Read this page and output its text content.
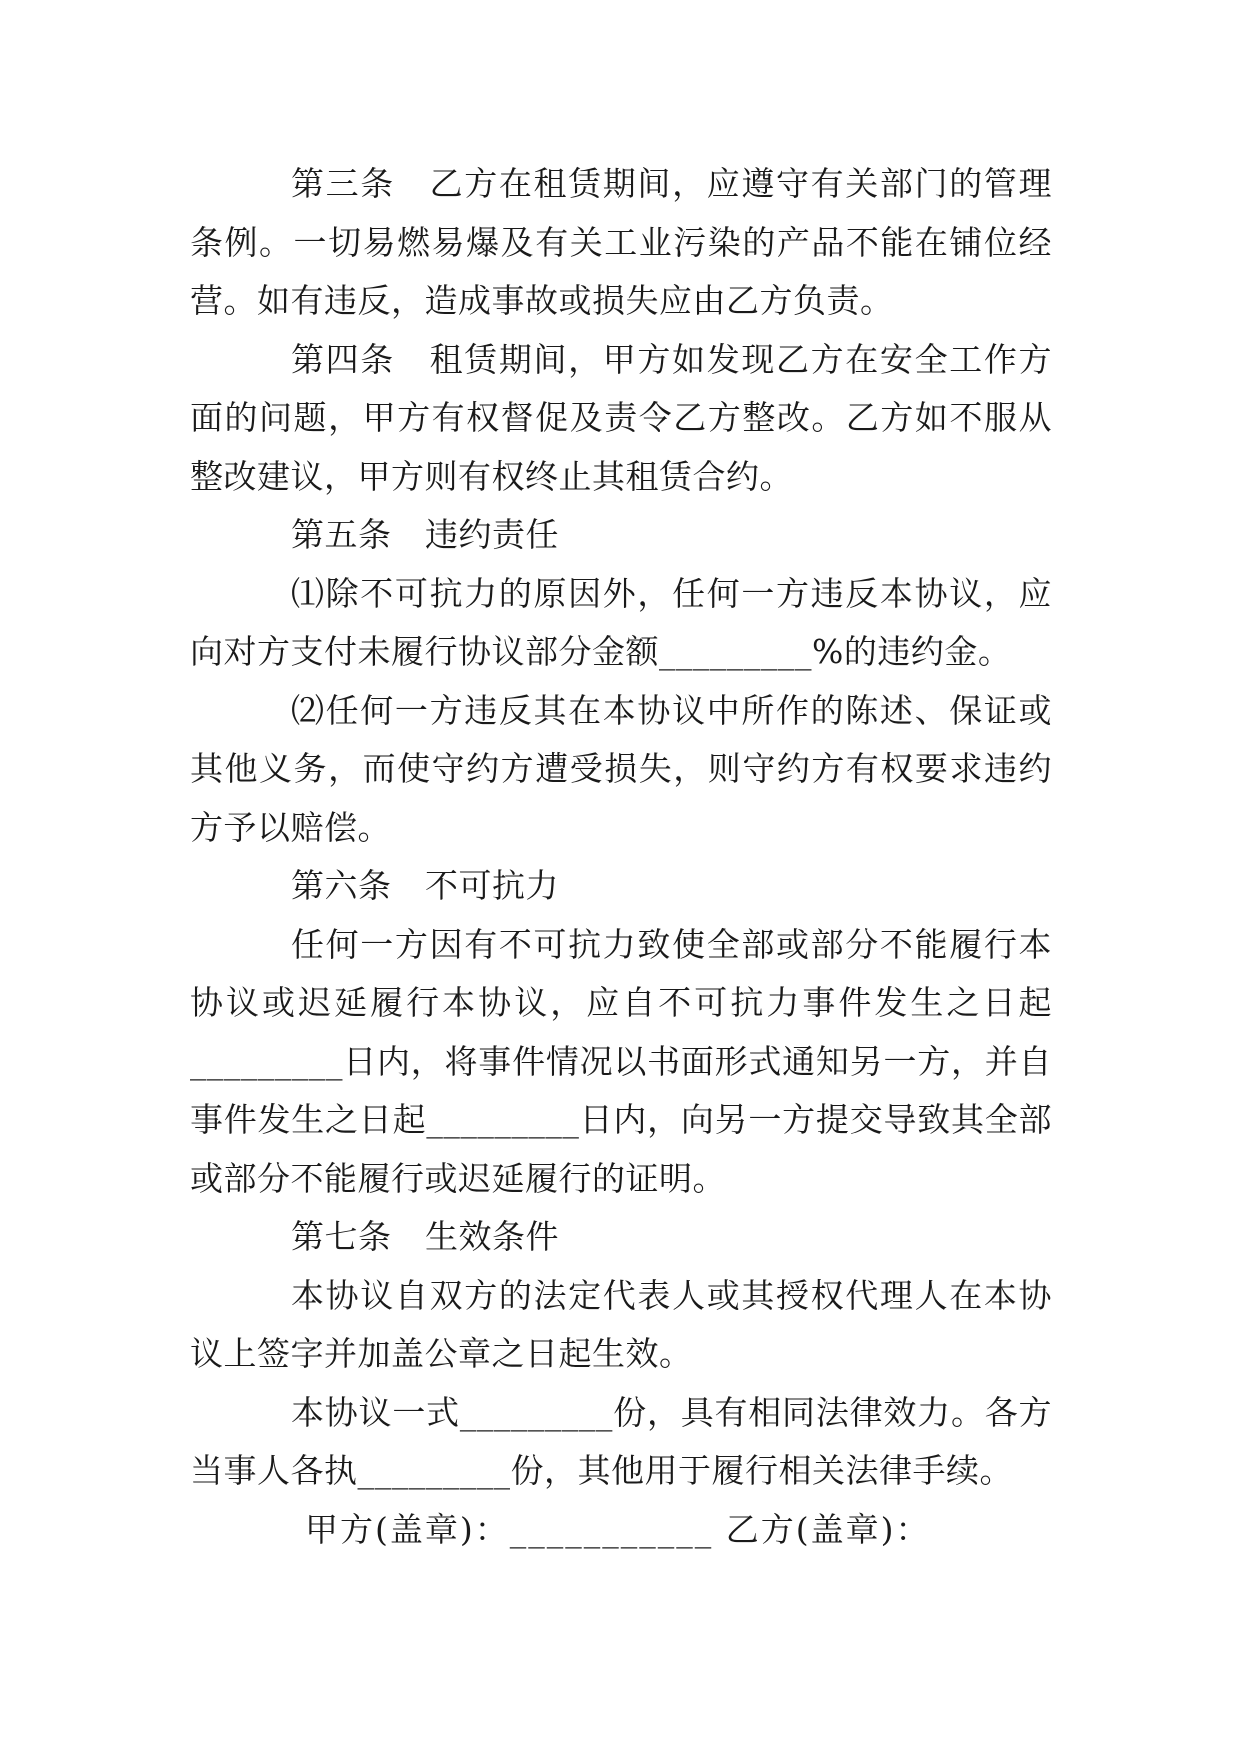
第三条　乙方在租赁期间，应遵守有关部门的管理条例。一切易燃易爆及有关工业污染的产品不能在铺位经营。如有违反，造成事故或损失应由乙方负责。

第四条　租赁期间，甲方如发现乙方在安全工作方面的问题，甲方有权督促及责令乙方整改。乙方如不服从整改建议，甲方则有权终止其租赁合约。

第五条　违约责任

⑴除不可抗力的原因外，任何一方违反本协议，应向对方支付未履行协议部分金额_________%的违约金。

⑵任何一方违反其在本协议中所作的陈述、保证或其他义务，而使守约方遭受损失，则守约方有权要求违约方予以赔偿。

第六条　不可抗力

任何一方因有不可抗力致使全部或部分不能履行本协议或迟延履行本协议，应自不可抗力事件发生之日起_________日内，将事件情况以书面形式通知另一方，并自事件发生之日起_________日内，向另一方提交导致其全部或部分不能履行或迟延履行的证明。

第七条　生效条件

本协议自双方的法定代表人或其授权代理人在本协议上签字并加盖公章之日起生效。

本协议一式_________份，具有相同法律效力。各方当事人各执_________份，其他用于履行相关法律手续。

甲方(盖章)：___________ 乙方(盖章)：
